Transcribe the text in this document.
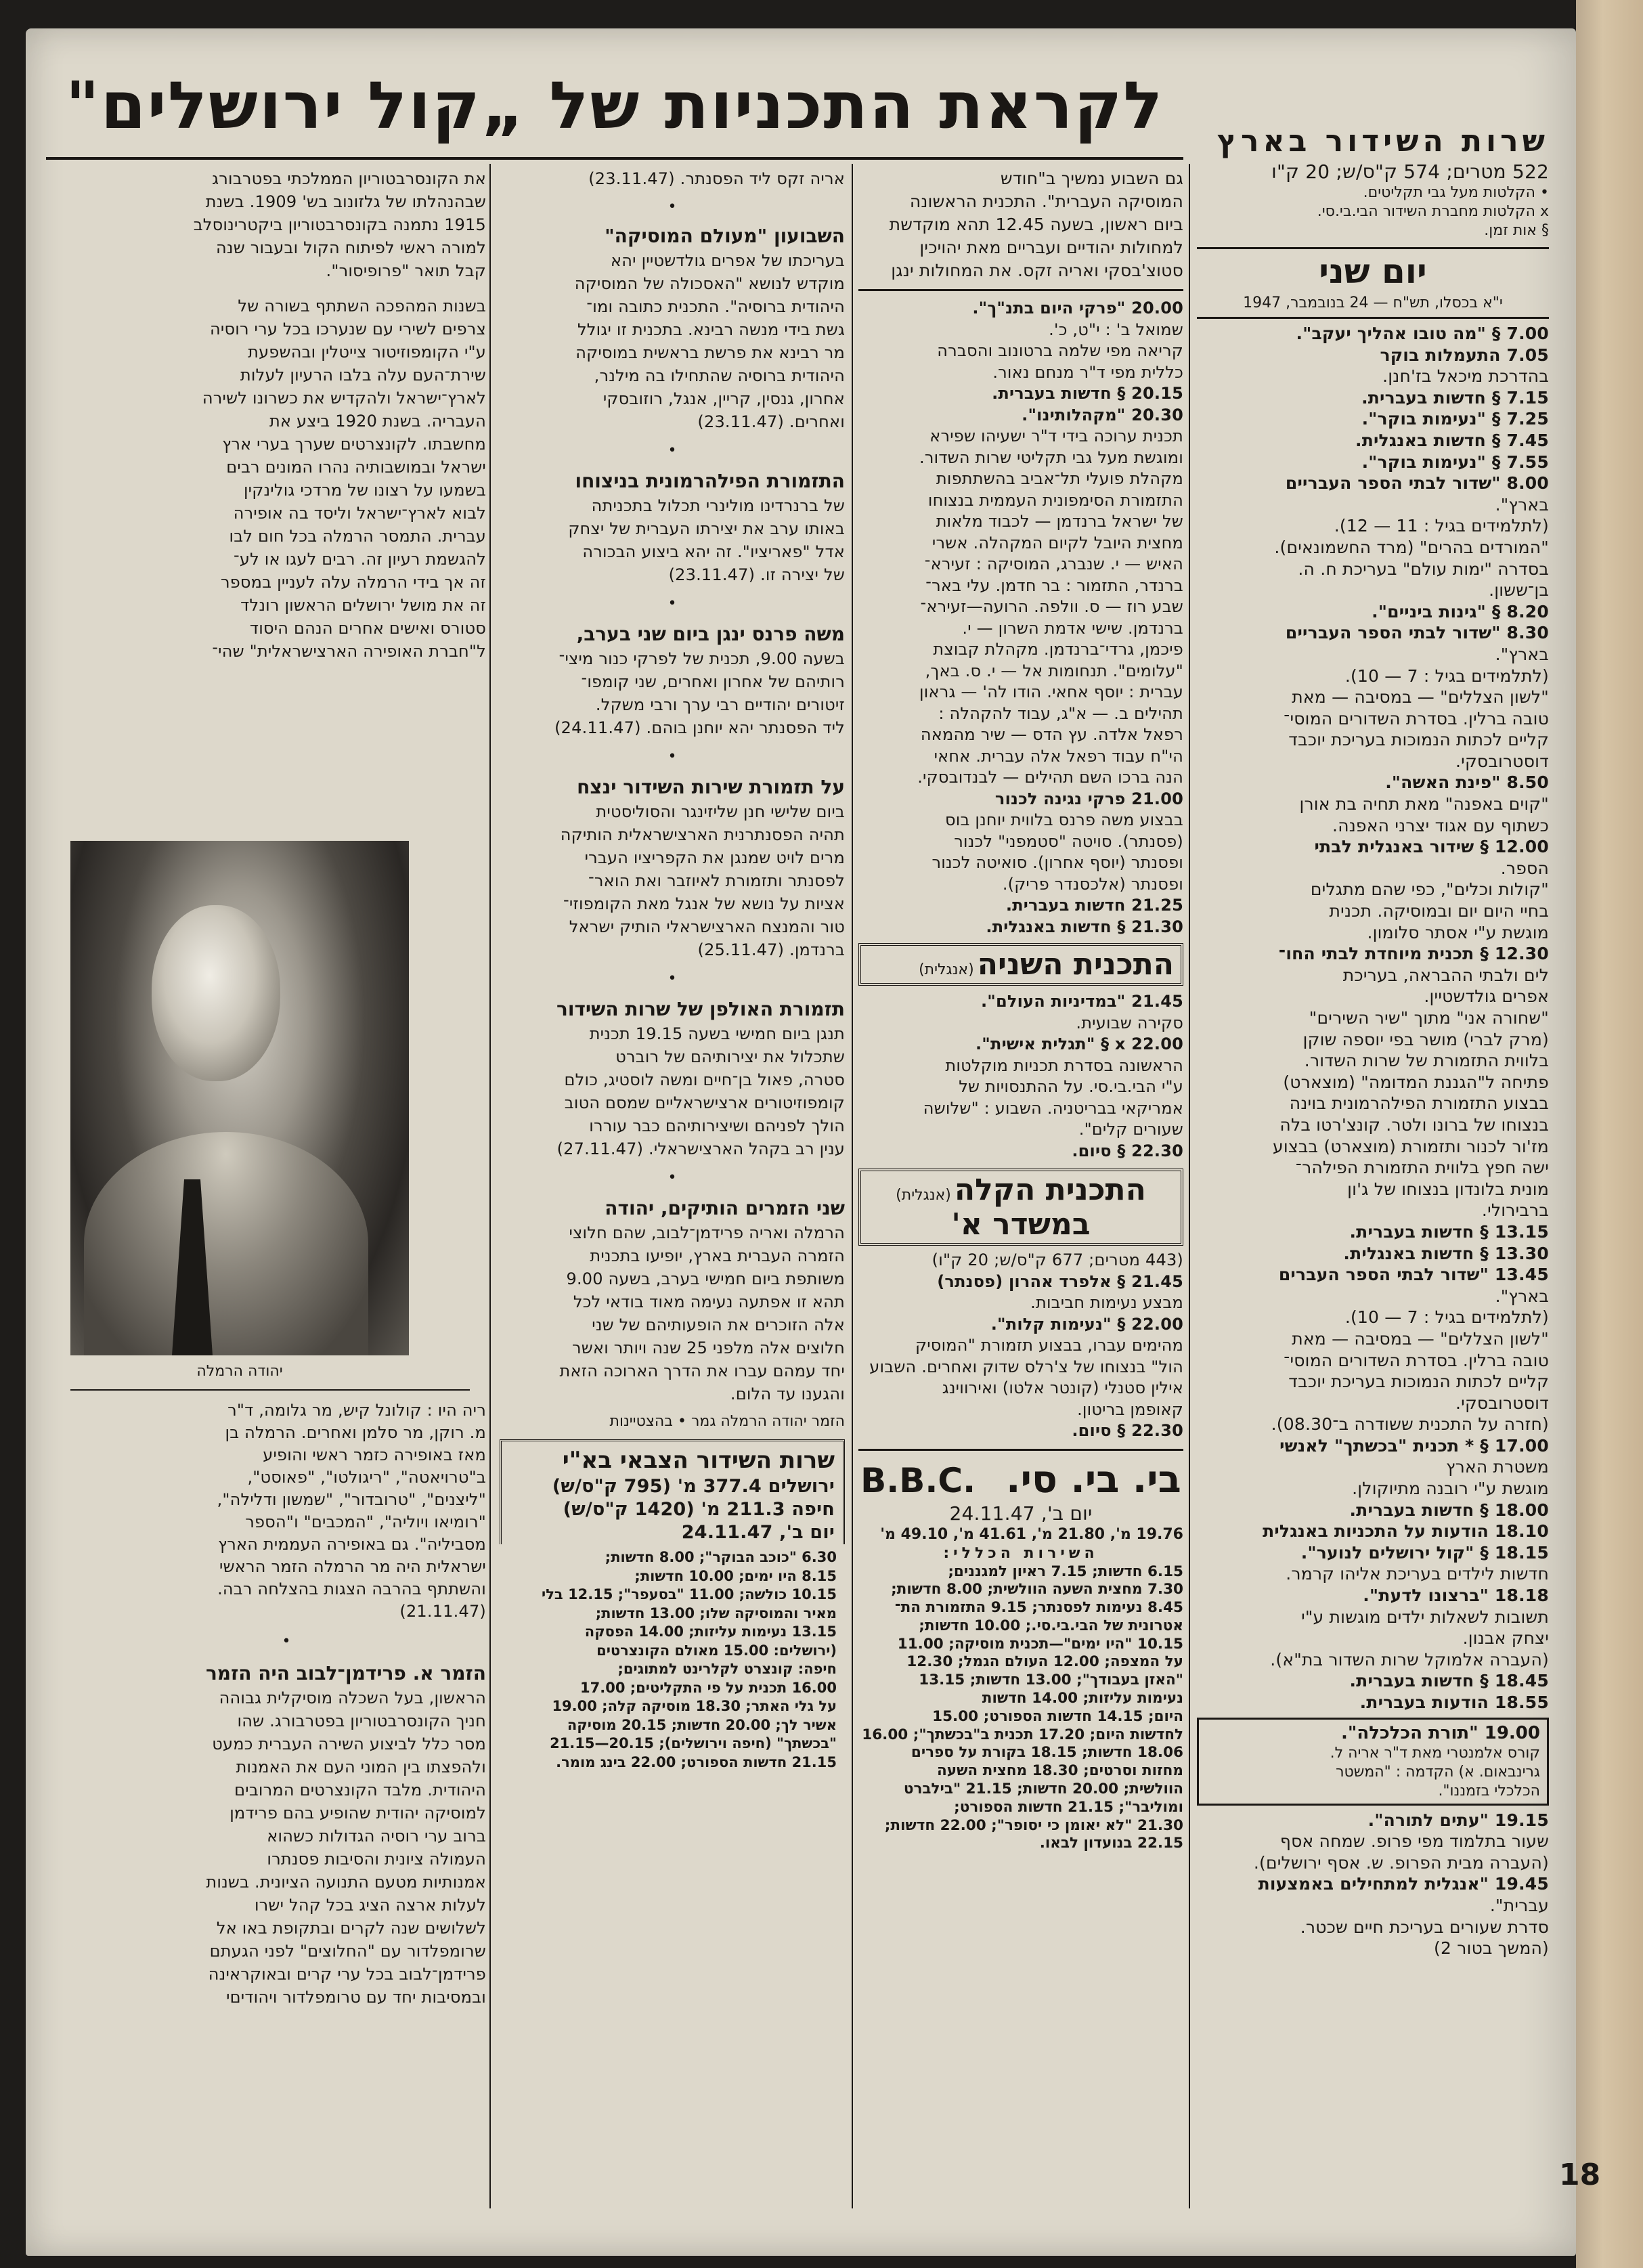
לקראת התכניות של „קול ירושלים"	שרות השידור בארץ
522 מטרים; 574 ק"ס/ש; 20 ק"ו
• הקלטות מעל גבי תקליטים.
x הקלטות מחברת השידור הבי.בי.סי.
§ אות זמן.
יום שני
י"א בכסלו, תש"ח — 24 בנובמבר, 1947
7.00 § "מה טובו אהליך יעקב".
7.05 התעמלות בוקר
בהדרכת מיכאל בז'חנן.
7.15 § חדשות בעברית.
7.25 § "נעימות בוקר".
7.45 § חדשות באנגלית.
7.55 § "נעימות בוקר".
8.00 "שדור לבתי הספר העבריים
בארץ".
(לתלמידים בגיל : 11 — 12).
"המורדים בהרים" (מרד החשמונאים).
בסדרה "ימות עולם" בעריכת ח. ה.
בן־ששון.
8.20 § "גינות ביניים".
8.30 "שדור לבתי הספר העבריים
בארץ".
(לתלמידים בגיל : 7 — 10).
"לשון הצללים" — במסיבה — מאת
טובה ברלין. בסדרת השדורים המוסי־
קליים לכתות הנמוכות בעריכת יוכבד
דוסטרובסקי.
8.50 "פינת האשה".
"קוים באפנה" מאת תחיה בת אורן
כשתוף עם אגוד יצרני האפנה.
12.00 § שידור באנגלית לבתי
הספר.
"קולות וכלים", כפי שהם מתגלים
בחיי היום יום ובמוסיקה. תכנית
מוגשת ע"י אסתר סלומון.
12.30 § תכנית מיוחדת לבתי החו־
לים ולבתי ההבראה, בעריכת
אפרים גולדשטיין.
"שחורה אני" מתוך "שיר השירים"
(מרק לברי) מושר בפי יוספה שוקן
בלווית התזמורת של שרות השדור.
פתיחה ל"הגננת המדומה" (מוצארט)
בבצוע התזמורת הפילהרמונית בוינה
בנצוחו של ברונו ולטר. קונצ'רטו בלה
מז'ור לכנור ותזמורת (מוצארט) בבצוע
ישה חפץ בלווית התזמורת הפילהר־
מונית בלונדון בנצוחו של ג'ון
ברבירולי.
13.15 § חדשות בעברית.
13.30 § חדשות באנגלית.
13.45 "שדור לבתי הספר העברים
בארץ".
(לתלמידים בגיל : 7 — 10).
"לשון הצללים" — במסיבה — מאת
טובה ברלין. בסדרת השדורים המוסי־
קליים לכתות הנמוכות בעריכת יוכבד
דוסטרובסקי.
(חזרה על התכנית ששודרה ב־08.30).
17.00 § * תכנית "בכשתך" לאנשי
משטרת הארץ
מוגשת ע"י רובנה מתיוקולן.
18.00 § חדשות בעברית.
18.10 הודעות על התכניות באנגלית
18.15 § "קול ירושלים לנוער".
חדשות לילדים בעריכת אליהו קרמר.
18.18 "ברצונו לדעת".
תשובות לשאלות ילדים מוגשות ע"י
יצחק אבנון.
(העברה אלמוקל שרות השדור בת"א).
18.45 § חדשות בעברית.
18.55 הודעות בעברית.
19.00 "תורת הכלכלה".
קורס אלמנטרי מאת ד"ר אריה ל.
גרינבאום. א) הקדמה : "המשטר
הכלכלי בזמננו".
19.15 "עתים לתורה".
שעור בתלמוד מפי פרופ. שמחה אסף
(העברה מבית הפרופ. ש. אסף ירושלים).
19.45 "אנגלית למתחילים באמצעות
עברית".
סדרת שעורים בעריכת חיים שכטר.
(המשך בטור 2)
18
גם השבוע נמשיך ב"חודש
המוסיקה העברית". התכנית הראשונה
ביום ראשון, בשעה 12.45 תהא מוקדשת
למחולות יהודיים ועבריים מאת יהויכין
סטוצ'בסקי ואריה זקס. את המחולות ינגן
20.00 "פרקי היום בתנ"ך".
שמואל ב' : י"ט, כ'.
קריאה מפי שלמה ברטונוב והסברה
כללית מפי ד"ר מנחם נאור.
20.15 § חדשות בעברית.
20.30 "מקהלותינו".
תכנית ערוכה בידי ד"ר ישעיהו שפירא
ומוגשת מעל גבי תקליטי שרות השדור.
מקהלת פועלי תל־אביב בהשתתפות
התזמורת הסימפונית העממית בנצוחו
של ישראל ברנדמן — לכבוד מלאות
מחצית היובל לקיום המקהלה. אשרי
האיש — י. שנברג, המוסיקה : זעירא־
ברנדר, התזמור : בר חדמן. עלי באר־
שבע רוז — ס. וולפה. הרועה—זעירא־
ברנדמן. שישי אדמת השרון — י.
פיכמן, גרדי־ברנדמן. מקהלת קבוצת
"עלומים". תנחומות אל — י. ס. באך,
עברית : יוסף אחאי. הודו לה' — גראון
תהילים ב. — א"ג, עבוד להקהלה :
רפאל אלדה. עץ הדס — שיר מהמאה
הי"ח עבוד רפאל אלה עברית. אחאי
הנה ברכו השם תהילים — לבנדובסקי.
21.00 פרקי נגינה לכנור
בבצוע משה פרנס בלווית יוחנן בוס
(פסנתר). סויטה "סטמפני" לכנור
ופסנתר (יוסף אחרון). סואיטה לכנור
ופסנתר (אלכסנדר פריק).
21.25 חדשות בעברית.
21.30 § חדשות באנגלית.
התכנית השניה (אנגלית)
21.45 "במדיניות העולם".
סקירה שבועית.
x 22.00 § "תגלית אישית".
הראשונה בסדרת תכניות מוקלטות
ע"י הבי.בי.סי. על ההתנסויות של
אמריקאי בבריטניה. השבוע : "שלושה
שעורים קלים".
22.30 § סיום.
התכנית הקלה (אנגלית)
במשדר א'
(443 מטרים; 677 ק"ס/ש; 20 ק"ו)
21.45 § אלפרד אהרון (פסנתר)
מבצע נעימות חביבות.
22.00 § "נעימות קלות".
מהימים עברו, בבצוע תזמורת "המוסיק
הול" בנצוחו של צ'רלס שדוק ואחרים. השבוע
אילין סטנלי (קונטר אלטו) ואירווינג
קאופמן בריטון.
22.30 § סיום.
בי. בי. סי. B.B.C.
יום ב', 24.11.47
19.76 מ', 21.80 מ', 41.61 מ', 49.10 מ'
השירות הכללי:
6.15 חדשות; 7.15 ראיון למגננים;
7.30 מחצית השעה הוולשית; 8.00 חדשות;
8.45 נעימות לפסנתר; 9.15 התזמורת הת־
אטרונית של הבי.בי.סי.; 10.00 חדשות;
10.15 "היו ימים"—תכנית מוסיקה; 11.00
על המצפה; 12.00 העולם הגמל; 12.30
"האזן בעבודך"; 13.00 חדשות; 13.15
נעימות עליזות; 14.00 חדשות
היום; 14.15 חדשות הספורט; 15.00
לחדשות היום; 17.20 תכנית ב"בכשתך"; 16.00
18.06 חדשות; 18.15 בקורת על ספרים
מחזות וסרטים; 18.30 מחצית השעה
הוולשית; 20.00 חדשות; 21.15 "בילברט
ומוליבר"; 21.15 חדשות הספורט;
21.30 "לא יאומן כי יסופר"; 22.00 חדשות;
22.15 בנועדון לבאו.
אריה זקס ליד הפסנתר. (23.11.47)
•
השבועון "מעולם המוסיקה"
בעריכתו של אפרים גולדשטיין יהא
מוקדש לנושא "האסכולה של המוסיקה
היהודית ברוסיה". התכנית כתובה ומו־
גשת בידי מנשה רבינא. בתכנית זו יגולל
מר רבינא את פרשת בראשית במוסיקה
היהודית ברוסיה שהתחילו בה מילנר,
אחרון, גנסין, קריין, אנגל, רוזובסקי
ואחרים. (23.11.47)
•
התזמורת הפילהרמונית בניצוחו
של ברנרדינו מולינרי תכלול בתכניתה
באותו ערב את יצירתו העברית של יצחק
אדל "פאריציו". זה יהא ביצוע הבכורה
של יצירה זו. (23.11.47)
•
משה פרנס ינגן ביום שני בערב,
בשעה 9.00, תכנית של לפרקי כנור מיצי־
רותיהם של אחרון ואחרים, שני קומפו־
זיטורים יהודיים רבי ערך ורבי משקל.
ליד הפסנתר יהא יוחנן בוהם. (24.11.47)
•
על תזמורת שירות השידור ינצח
ביום שלישי חנן שליזינגר והסוליסטית
תהיה הפסנתרנית הארצישראלית הותיקה
מרים לויט שמנגן את הקפריציו העברי
לפסנתר ותזמורת לאיוזבר ואת הואר־
אציות על נושא של אנגל מאת הקומפוזי־
טור והמנצח הארצישראלי הותיק ישראל
ברנדמן. (25.11.47)
•
תזמורת האולפן של שרות השידור
תנגן ביום חמישי בשעה 19.15 תכנית
שתכלול את יצירותיהם של רוברט
סטרה, פאול בן־חיים ומשה לוסטיג, כולם
קומפוזיטורים ארצישראליים שמסם הטוב
הולך לפניהם ושיצירותיהם כבר עוררו
ענין רב בקהל הארצישראלי. (27.11.47)
•
שני הזמרים הותיקים, יהודה
הרמלה ואריה פרידמן־לבוב, שהם חלוצי
הזמרה העברית בארץ, יופיעו בתכנית
משותפת ביום חמישי בערב, בשעה 9.00
תהא זו אפתעה נעימה מאוד בודאי לכל
אלה הזוכרים את הופעותיהם של שני
חלוצים אלה מלפני 25 שנה ויותר ואשר
יחד עמהם עברו את הדרך הארוכה הזאת
והגענו עד הלום.
הזמר יהודה הרמלה גמר • בהצטיינות
שרות השידור הצבאי בא"י
ירושלים 377.4 מ' (795 ק"ס/ש)
חיפה 211.3 מ' (1420 ק"ס/ש)
יום ב', 24.11.47
6.30 "כוכב הבוקר"; 8.00 חדשות;
8.15 היו ימים; 10.00 חדשות;
10.15 כולשה; 11.00 "בסעפר"; 12.15 בלי
מאיר והמוסיקה שלו; 13.00 חדשות;
13.15 נעימות עליזות; 14.00 הפסקה
(ירושלים: 15.00 מאולם הקונצרטים
חיפה: קונצרט לקלרינט למתוגים;
16.00 תכנית על פי התקליטים; 17.00
על גלי האתר; 18.30 מוסיקה קלה; 19.00
אשיר לך; 20.00 חדשות; 20.15 מוסיקה
"בכשתך" (חיפה וירושלים); 20.15—21.15
21.15 חדשות הספורט; 22.00 בינג מומר.
את הקונסרבטוריון הממלכתי בפטרבורג
שבהנהלתו של גלזונוב בש' 1909. בשנת
1915 נתמנה בקונסרבטוריון ביקטרינוסלב
למורה ראשי לפיתוח הקול ובעבור שנה
קבל תואר "פרופיסור".
בשנות המהפכה השתתף בשורה של
צרפים לשירי עם שנערכו בכל ערי רוסיה
ע"י הקומפוזיטור צייטלין ובהשפעת
שירת־העם עלה בלבו הרעיון לעלות
לארץ־ישראל ולהקדיש את כשרונו לשירה
העבריה. בשנת 1920 ביצע את
מחשבתו. לקונצרטים שערך בערי ארץ
ישראל ובמושבותיה נהרו המונים רבים
בשמעו על רצונו של מרדכי גולינקין
לבוא לארץ־ישראל וליסד בה אופירה
עברית. התמסר הרמלה בכל חום לבו
להגשמת רעיון זה. רבים לעגו או לע־
זה אך בידי הרמלה עלה לעניין במספר
זה את מושל ירושלים הראשון רונלד
סטורס ואישים אחרים הנהם היסוד
ל"חברת האופירה הארצישראלית" שהי־
יהודה הרמלה
ריה היו : קולונל קיש, מר גלומה, ד"ר
מ. רוקן, מר סלמן ואחרים. הרמלה בן
מאז באופירה כזמר ראשי והופיע
ב"טרויאטה", "ריגולטו", "פאוסט",
"ליצנים", "טרובדור", "שמשון ודלילה",
"רומיאו ויוליה", "המכבים" ו"הספר
מסביליה". גם באופירה העממית הארץ
ישראלית היה מר הרמלה הזמר הראשי
והשתתף בהרבה הצגות בהצלחה רבה.
(21.11.47)
•
הזמר א. פרידמן־לבוב היה הזמר
הראשון, בעל השכלה מוסיקלית גבוהה
חניך הקונסרבטוריון בפטרבורג. שהו
מסר כלל לביצוע השירה העברית כמעט
ולהפצתו בין המוני העם את האמנות
היהודית. מלבד הקונצרטים המרובים
למוסיקה יהודית שהופיע בהם פרידמן
ברוב ערי רוסיה הגדולות כשהוא
העמולה ציונית והסיבות פסנתרו
אמנותיות מטעם התנועה הציונית. בשנות
לעלות ארצה הציג בכל קהל ישרו
לשלושים שנה לקרים ובתקופת באו אל
שרומפלדור עם "החלוצים" לפני הגעתם
פרידמן־לבוב בכל ערי קרים ובאוקראינה
ובמסיבות יחד עם טרומפלדור ויהודיםי
